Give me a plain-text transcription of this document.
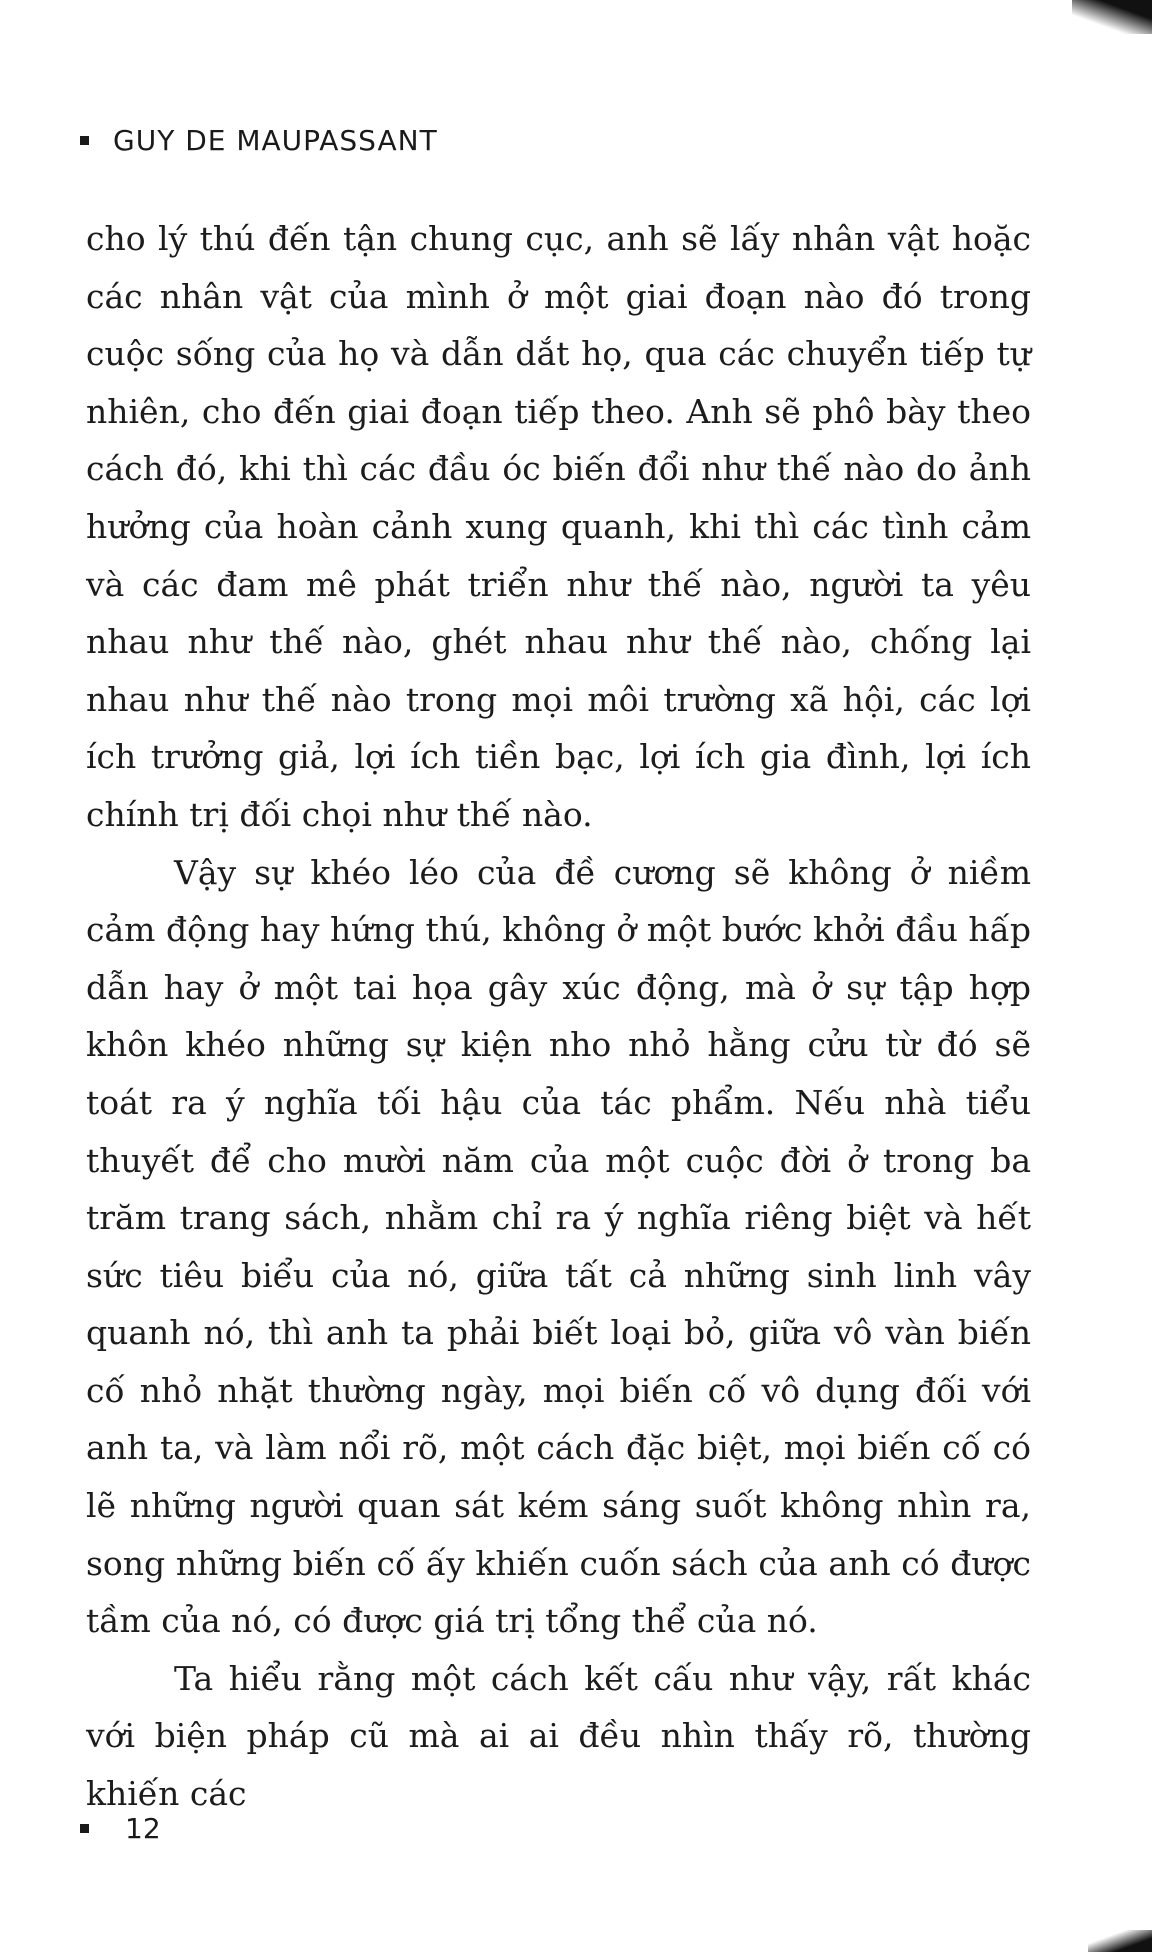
GUY DE MAUPASSANT

cho lý thú đến tận chung cục, anh sẽ lấy nhân vật hoặc các nhân vật của mình ở một giai đoạn nào đó trong cuộc sống của họ và dẫn dắt họ, qua các chuyển tiếp tự nhiên, cho đến giai đoạn tiếp theo. Anh sẽ phô bày theo cách đó, khi thì các đầu óc biến đổi như thế nào do ảnh hưởng của hoàn cảnh xung quanh, khi thì các tình cảm và các đam mê phát triển như thế nào, người ta yêu nhau như thế nào, ghét nhau như thế nào, chống lại nhau như thế nào trong mọi môi trường xã hội, các lợi ích trưởng giả, lợi ích tiền bạc, lợi ích gia đình, lợi ích chính trị đối chọi như thế nào.

Vậy sự khéo léo của đề cương sẽ không ở niềm cảm động hay hứng thú, không ở một bước khởi đầu hấp dẫn hay ở một tai họa gây xúc động, mà ở sự tập hợp khôn khéo những sự kiện nho nhỏ hằng cửu từ đó sẽ toát ra ý nghĩa tối hậu của tác phẩm. Nếu nhà tiểu thuyết để cho mười năm của một cuộc đời ở trong ba trăm trang sách, nhằm chỉ ra ý nghĩa riêng biệt và hết sức tiêu biểu của nó, giữa tất cả những sinh linh vây quanh nó, thì anh ta phải biết loại bỏ, giữa vô vàn biến cố nhỏ nhặt thường ngày, mọi biến cố vô dụng đối với anh ta, và làm nổi rõ, một cách đặc biệt, mọi biến cố có lẽ những người quan sát kém sáng suốt không nhìn ra, song những biến cố ấy khiến cuốn sách của anh có được tầm của nó, có được giá trị tổng thể của nó.

Ta hiểu rằng một cách kết cấu như vậy, rất khác với biện pháp cũ mà ai ai đều nhìn thấy rõ, thường khiến các

12
